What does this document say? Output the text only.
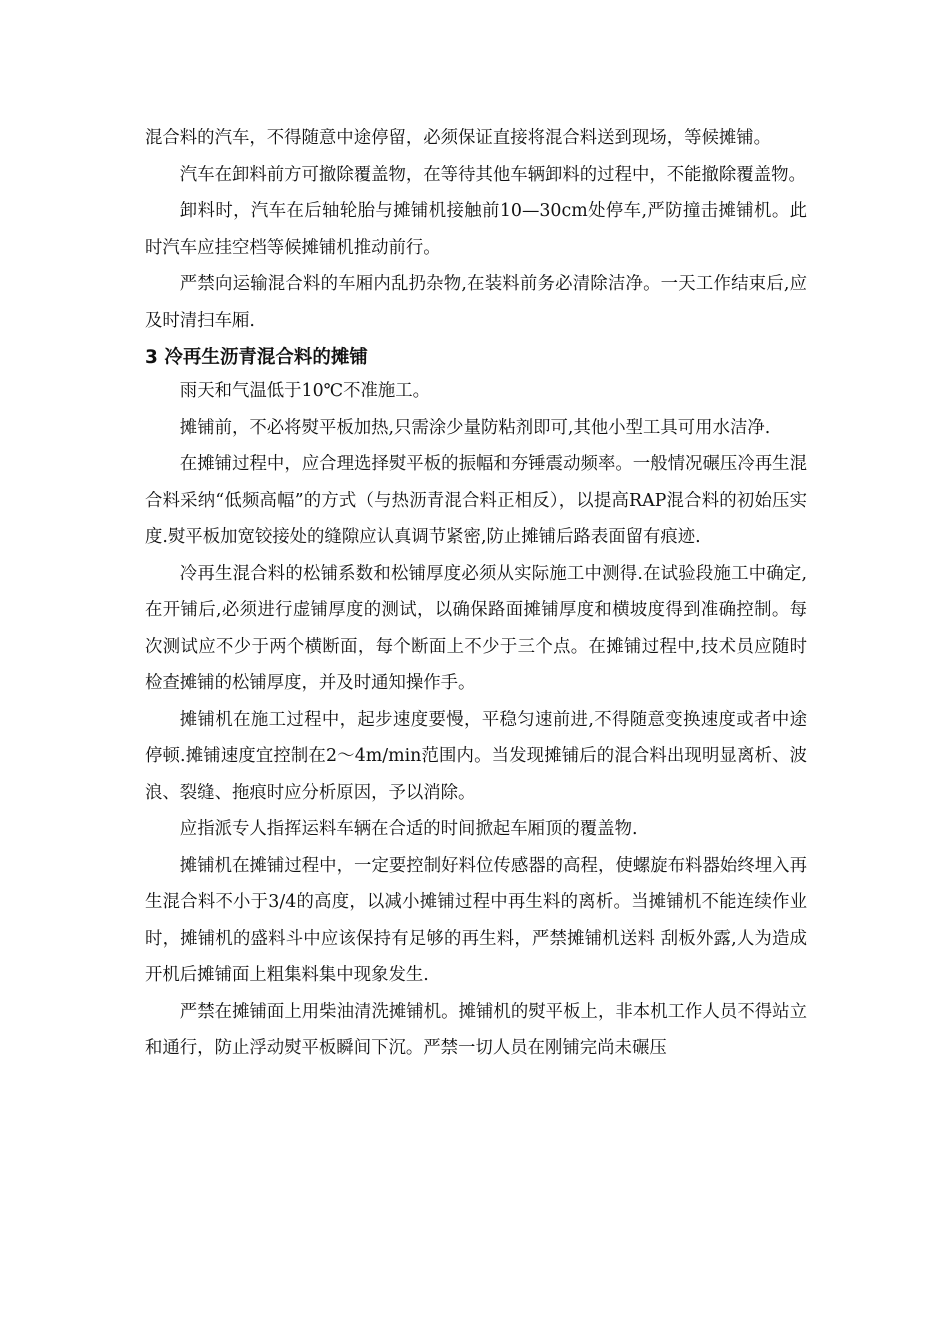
混合料的汽车，不得随意中途停留，必须保证直接将混合料送到现场，等候摊铺。

汽车在卸料前方可撤除覆盖物，在等待其他车辆卸料的过程中，不能撤除覆盖物。

卸料时，汽车在后轴轮胎与摊铺机接触前10—30cm处停车,严防撞击摊铺机。此时汽车应挂空档等候摊铺机推动前行。

严禁向运输混合料的车厢内乱扔杂物,在装料前务必清除洁净。一天工作结束后,应及时清扫车厢.

3 冷再生沥青混合料的摊铺

雨天和气温低于10℃不准施工。

摊铺前，不必将熨平板加热,只需涂少量防粘剂即可,其他小型工具可用水洁净.

在摊铺过程中，应合理选择熨平板的振幅和夯锤震动频率。一般情况碾压冷再生混合料采纳“低频高幅”的方式（与热沥青混合料正相反），以提高RAP混合料的初始压实度.熨平板加宽铰接处的缝隙应认真调节紧密,防止摊铺后路表面留有痕迹.

冷再生混合料的松铺系数和松铺厚度必须从实际施工中测得.在试验段施工中确定,在开铺后,必须进行虚铺厚度的测试，以确保路面摊铺厚度和横坡度得到准确控制。每次测试应不少于两个横断面，每个断面上不少于三个点。在摊铺过程中,技术员应随时检查摊铺的松铺厚度，并及时通知操作手。

摊铺机在施工过程中，起步速度要慢，平稳匀速前进,不得随意变换速度或者中途停顿.摊铺速度宜控制在2～4m/min范围内。当发现摊铺后的混合料出现明显离析、波浪、裂缝、拖痕时应分析原因，予以消除。

应指派专人指挥运料车辆在合适的时间掀起车厢顶的覆盖物.

摊铺机在摊铺过程中，一定要控制好料位传感器的高程，使螺旋布料器始终埋入再生混合料不小于3/4的高度，以减小摊铺过程中再生料的离析。当摊铺机不能连续作业时，摊铺机的盛料斗中应该保持有足够的再生料，严禁摊铺机送料 刮板外露,人为造成开机后摊铺面上粗集料集中现象发生.

严禁在摊铺面上用柴油清洗摊铺机。摊铺机的熨平板上，非本机工作人员不得站立和通行，防止浮动熨平板瞬间下沉。严禁一切人员在刚铺完尚未碾压
